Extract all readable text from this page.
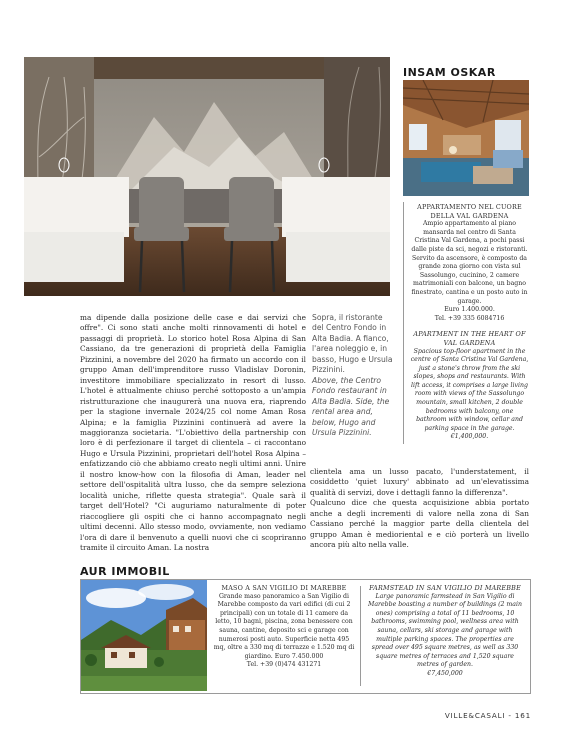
INSAM OSKAR
APPARTAMENTO NEL CUORE DELLA VAL GARDENA
Ampio appartamento al piano mansarda nel centro di Santa Cristina Val Gardena, a pochi passi dalle piste da sci, negozi e ristoranti. Servito da ascensore, è composto da grande zona giorno con vista sul Sassolungo, cucinino, 2 camere matrimoniali con balcone, un bagno finestrato, cantina e un posto auto in garage.
Euro 1.400.000.
Tel. +39 335 6084716
APARTMENT IN THE HEART OF VAL GARDENA
Spacious top-floor apartment in the centre of Santa Cristina Val Gardena, just a stone's throw from the ski slopes, shops and restaurants. With lift access, it comprises a large living room with views of the Sassolungo mountain, small kitchen, 2 double bedrooms with balcony, one bathroom with window, cellar and parking space in the garage.
€1,400,000.
ma dipende dalla posizione delle case e dai servizi che offre". Ci sono stati anche molti rinnovamenti di hotel e passaggi di proprietà. Lo storico hotel Rosa Alpina di San Cassiano, da tre generazioni di proprietà della Famiglia Pizzinini, a novembre del 2020 ha firmato un accordo con il gruppo Aman dell'imprenditore russo Vladislav Doronin, investitore immobiliare specializzato in resort di lusso. L'hotel è attualmente chiuso perché sottoposto a un'ampia ristrutturazione che inaugurerà una nuova era, riaprendo per la stagione invernale 2024/25 col nome Aman Rosa Alpina; e la famiglia Pizzinini continuerà ad avere la maggioranza societaria. "L'obiettivo della partnership con loro è di perfezionare il target di clientela – ci raccontano Hugo e Ursula Pizzinini, proprietari dell'hotel Rosa Alpina – enfatizzando ciò che abbiamo creato negli ultimi anni. Unire il nostro know-how con la filosofia di Aman, leader nel settore dell'ospitalità ultra lusso, che da sempre seleziona località uniche, riflette questa strategia". Quale sarà il target dell'Hotel? "Ci auguriamo naturalmente di poter riaccogliere gli ospiti che ci hanno accompagnato negli ultimi decenni. Allo stesso modo, ovviamente, non vediamo l'ora di dare il benvenuto a quelli nuovi che ci scopriranno tramite il circuito Aman. La nostra
Sopra, il ristorante del Centro Fondo in Alta Badia. A fianco, l'area noleggio e, in basso, Hugo e Ursula Pizzinini.
Above, the Centro Fondo restaurant in Alta Badia. Side, the rental area and, below, Hugo and Ursula Pizzinini.
clientela ama un lusso pacato, l'understatement, il cosiddetto 'quiet luxury' abbinato ad un'elevatissima qualità di servizi, dove i dettagli fanno la differenza".
Qualcuno dice che questa acquisizione abbia portato anche a degli incrementi di valore nella zona di San Cassiano perché la maggior parte della clientela del gruppo Aman è medioriental e e ciò porterà un livello ancora più alto nella valle.
AUR IMMOBIL
MASO A SAN VIGILIO DI MAREBBE
Grande maso panoramico a San Vigilio di Marebbe composto da vari edifici (di cui 2 principali) con un totale di 11 camere da letto, 10 bagni, piscina, zona benessere con sauna, cantine, deposito sci e garage con numerosi posti auto. Superficie netta 495 mq, oltre a 330 mq di terrazze e 1.520 mq di giardino. Euro 7.450.000
Tel. +39 (0)474 431271
FARMSTEAD IN SAN VIGILIO DI MAREBBE
Large panoramic farmstead in San Vigilio di Marebbe boasting a number of buildings (2 main ones) comprising a total of 11 bedrooms, 10 bathrooms, swimming pool, wellness area with sauna, cellars, ski storage and garage with multiple parking spaces. The properties are spread over 495 square metres, as well as 330 square metres of terraces and 1,520 square metres of garden.
€7,450,000
VILLE&CASALI - 161
